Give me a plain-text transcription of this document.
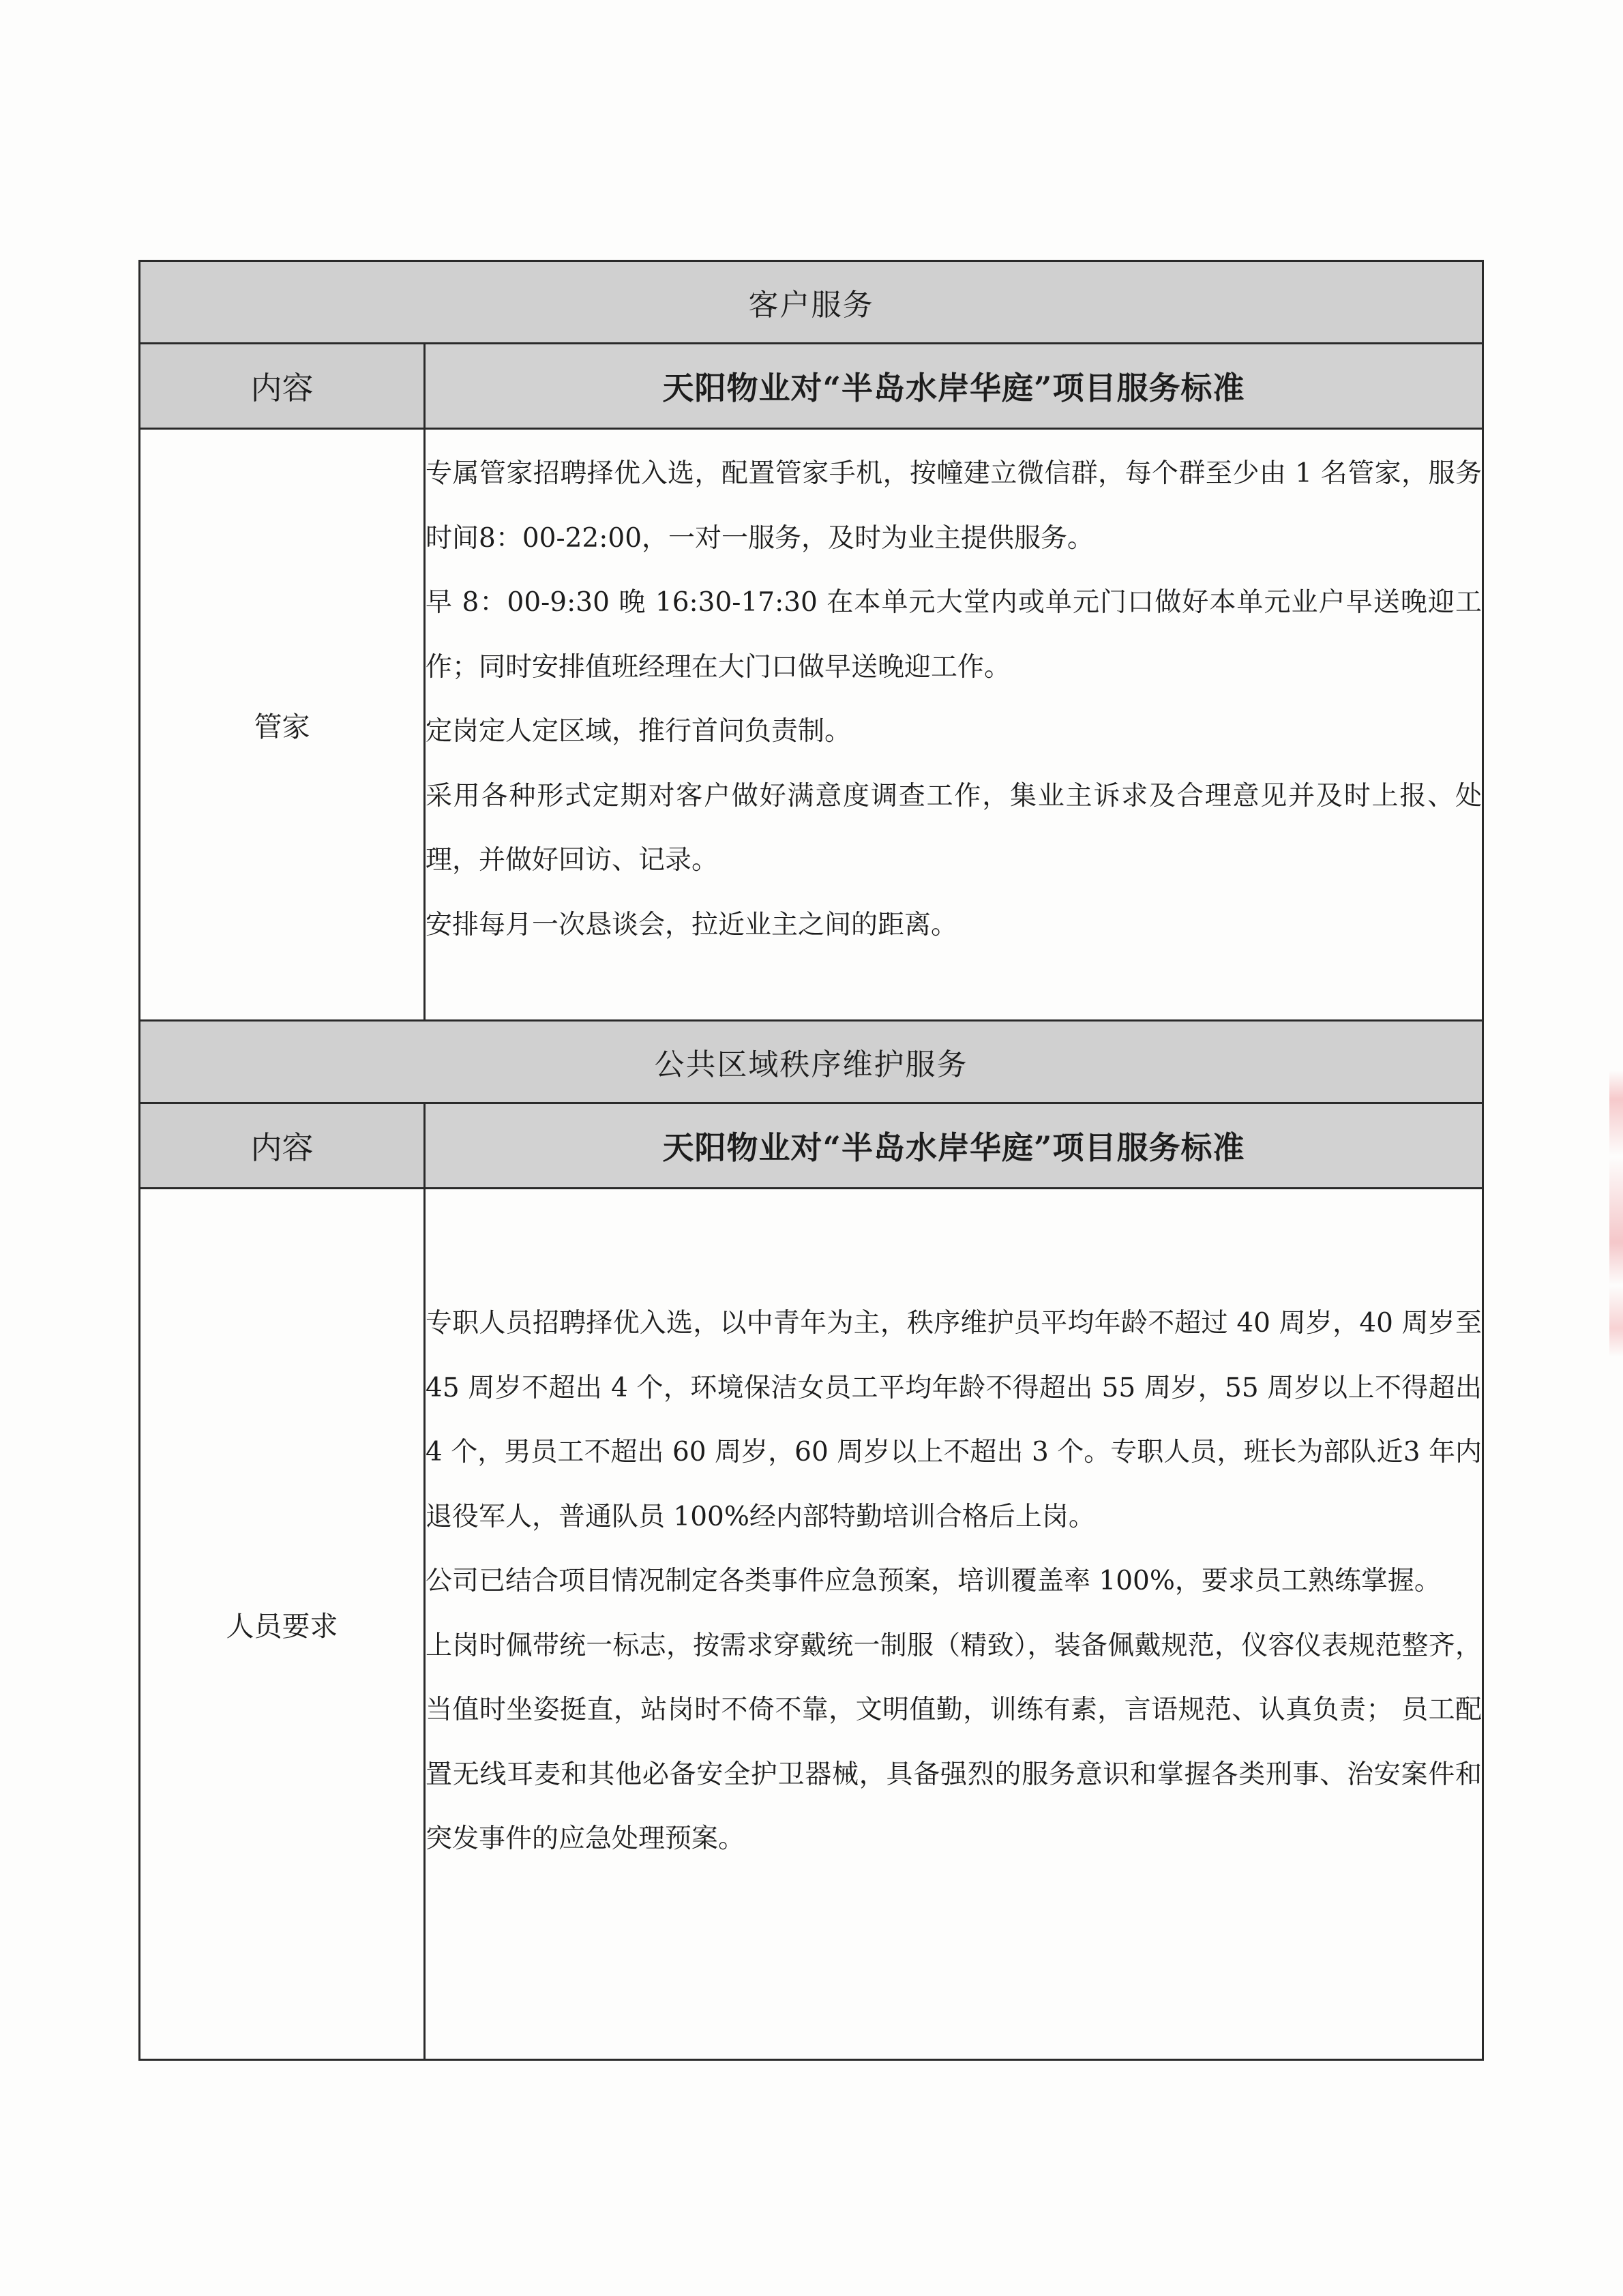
客户服务	
内容	天阳物业对“半岛水岸华庭”项目服务标准
管家	专属管家招聘择优入选，配置管家手机，按幢建立微信群，每个群至少由 1 名管家，服务时间8：00-22:00，一对一服务，及时为业主提供服务。

早 8：00-9:30 晚 16:30-17:30 在本单元大堂内或单元门口做好本单元业户早送晚迎工作；同时安排值班经理在大门口做早送晚迎工作。

定岗定人定区域，推行首问负责制。

采用各种形式定期对客户做好满意度调查工作，集业主诉求及合理意见并及时上报、处理，并做好回访、记录。

安排每月一次恳谈会，拉近业主之间的距离。

公共区域秩序维护服务	
内容	天阳物业对“半岛水岸华庭”项目服务标准
人员要求	专职人员招聘择优入选，以中青年为主，秩序维护员平均年龄不超过 40 周岁，40 周岁至45 周岁不超出 4 个，环境保洁女员工平均年龄不得超出 55 周岁，55 周岁以上不得超出 4 个，男员工不超出 60 周岁，60 周岁以上不超出 3 个。专职人员，班长为部队近3 年内退役军人，普通队员 100%经内部特勤培训合格后上岗。

公司已结合项目情况制定各类事件应急预案，培训覆盖率 100%，要求员工熟练掌握。

上岗时佩带统一标志，按需求穿戴统一制服（精致），装备佩戴规范，仪容仪表规范整齐，当值时坐姿挺直，站岗时不倚不靠，文明值勤，训练有素，言语规范、认真负责； 员工配置无线耳麦和其他必备安全护卫器械，具备强烈的服务意识和掌握各类刑事、治安案件和突发事件的应急处理预案。
